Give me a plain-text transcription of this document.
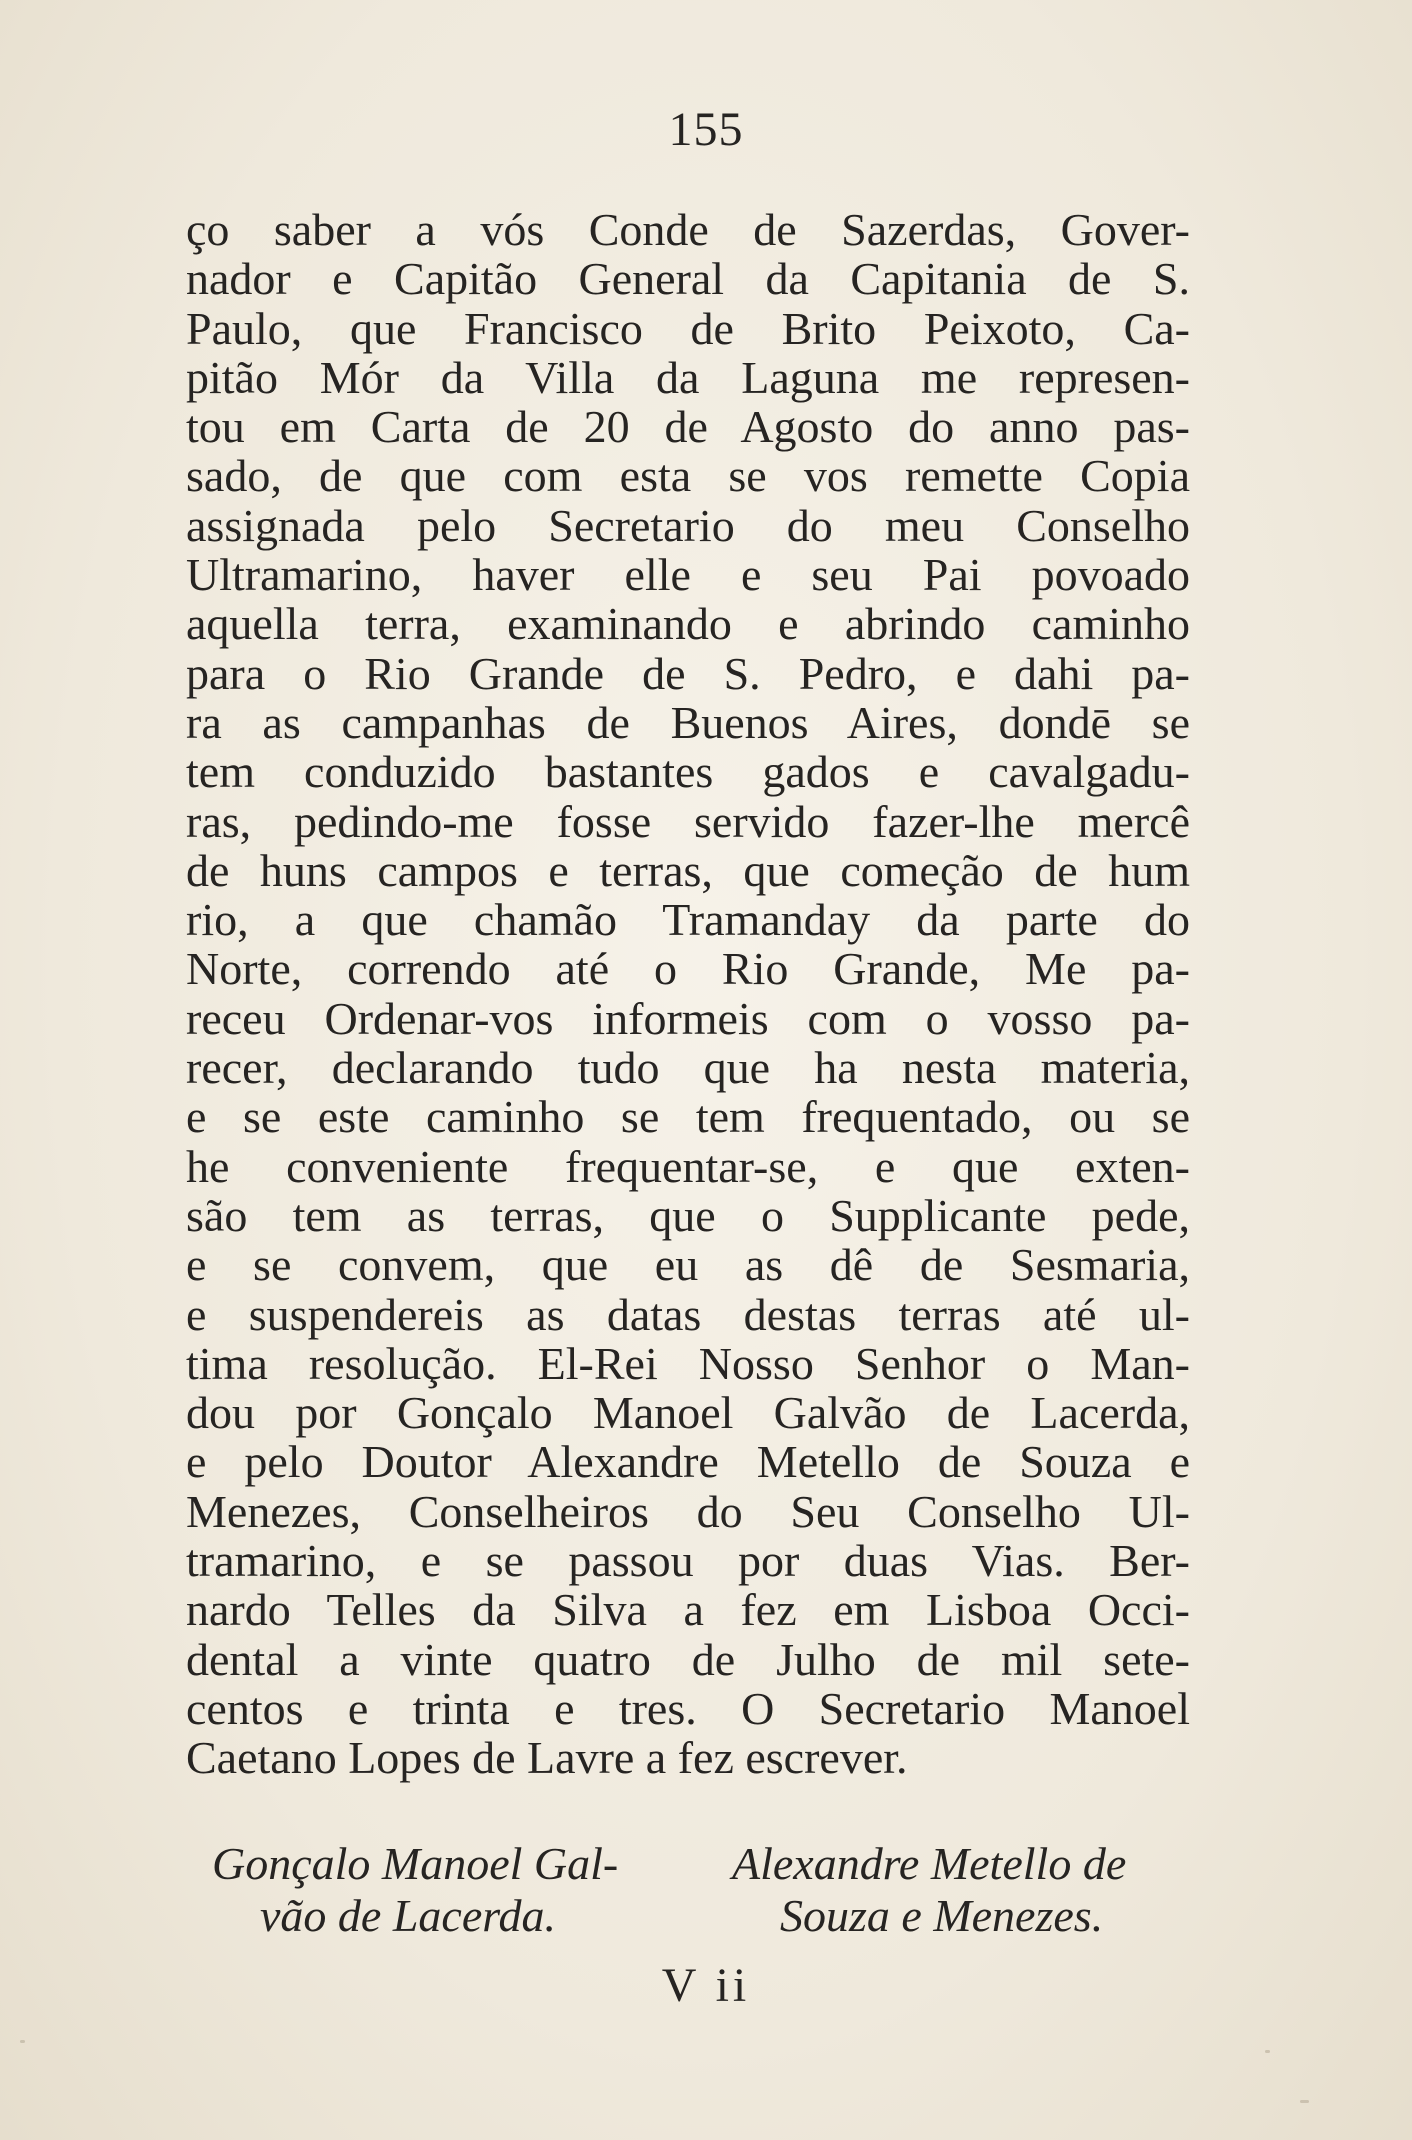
155
ço saber a vós Conde de Sazerdas, Gover-
nador e Capitão General da Capitania de S.
Paulo, que Francisco de Brito Peixoto, Ca-
pitão Mór da Villa da Laguna me represen-
tou em Carta de 20 de Agosto do anno pas-
sado, de que com esta se vos remette Copia
assignada pelo Secretario do meu Conselho
Ultramarino, haver elle e seu Pai povoado
aquella terra, examinando e abrindo caminho
para o Rio Grande de S. Pedro, e dahi pa-
ra as campanhas de Buenos Aires, dondē se
tem conduzido bastantes gados e cavalgadu-
ras, pedindo-me fosse servido fazer-lhe mercê
de huns campos e terras, que começão de hum
rio, a que chamão Tramanday da parte do
Norte, correndo até o Rio Grande, Me pa-
receu Ordenar-vos informeis com o vosso pa-
recer, declarando tudo que ha nesta materia,
e se este caminho se tem frequentado, ou se
he conveniente frequentar-se, e que exten-
são tem as terras, que o Supplicante pede,
e se convem, que eu as dê de Sesmaria,
e suspendereis as datas destas terras até ul-
tima resolução. El-Rei Nosso Senhor o Man-
dou por Gonçalo Manoel Galvão de Lacerda,
e pelo Doutor Alexandre Metello de Souza e
Menezes, Conselheiros do Seu Conselho Ul-
tramarino, e se passou por duas Vias. Ber-
nardo Telles da Silva a fez em Lisboa Occi-
dental a vinte quatro de Julho de mil sete-
centos e trinta e tres. O Secretario Manoel
Caetano Lopes de Lavre a fez escrever.
Gonçalo Manoel Gal-
vão de Lacerda.
Alexandre Metello de
Souza e Menezes.
V ii
